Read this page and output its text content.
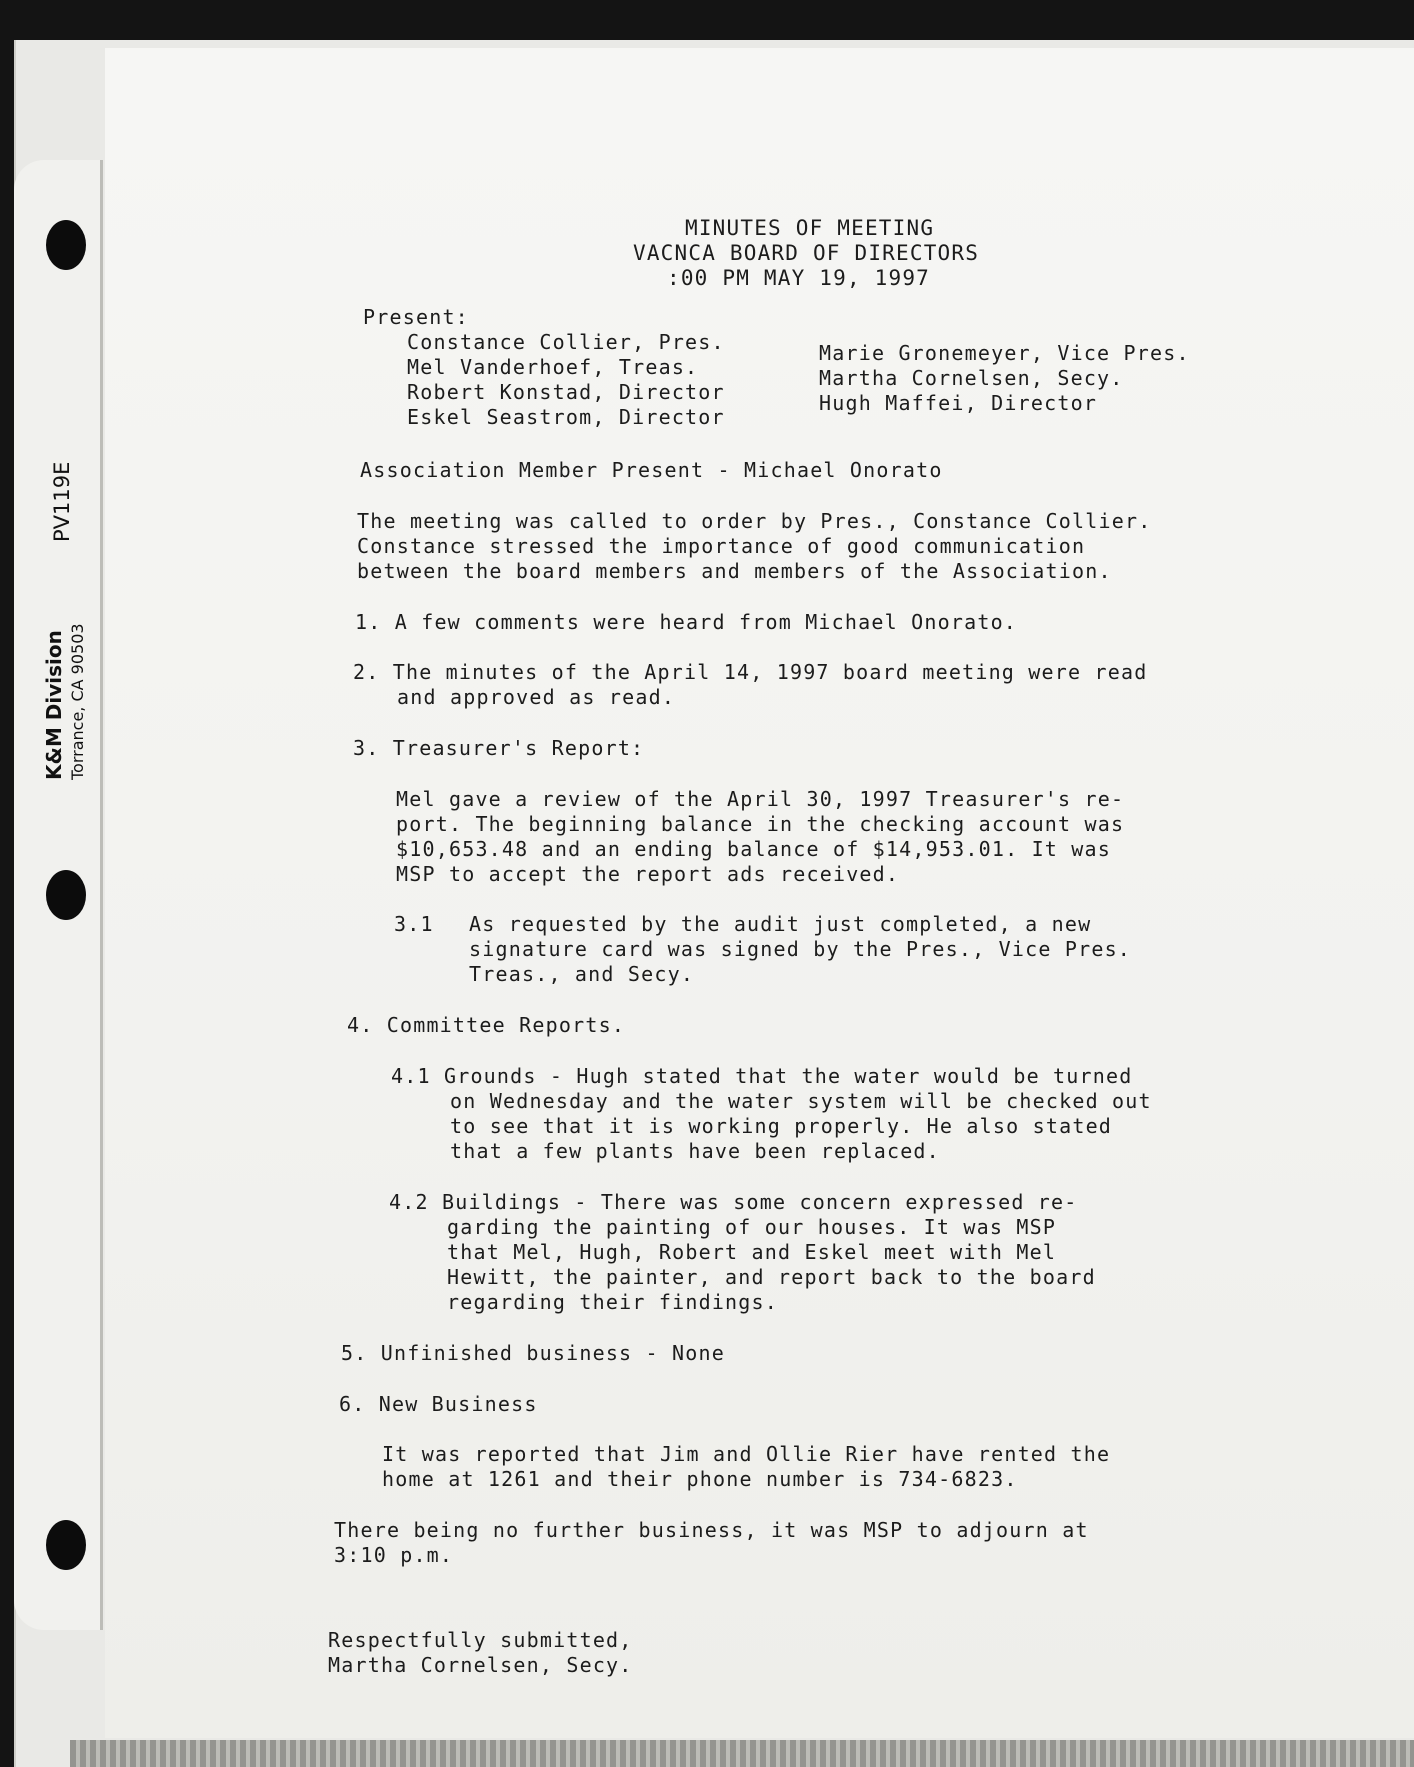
K&M Division Torrance, CA 90503
PV119E
MINUTES OF MEETING
VACNCA BOARD OF DIRECTORS
:00 PM MAY 19, 1997
Present:
Constance Collier, Pres.
Mel Vanderhoef, Treas.
Robert Konstad, Director
Eskel Seastrom, Director
Marie Gronemeyer, Vice Pres.
Martha Cornelsen, Secy.
Hugh Maffei, Director
Association Member Present - Michael Onorato
The meeting was called to order by Pres., Constance Collier.
Constance stressed the importance of good communication
between the board members and members of the Association.
1. A few comments were heard from Michael Onorato.
2. The minutes of the April 14, 1997 board meeting were read
and approved as read.
3. Treasurer's Report:
Mel gave a review of the April 30, 1997 Treasurer's re-
port. The beginning balance in the checking account was
$10,653.48 and an ending balance of $14,953.01. It was
MSP to accept the report ads received.
3.1 As requested by the audit just completed, a new
signature card was signed by the Pres., Vice Pres.
Treas., and Secy.
4. Committee Reports.
4.1 Grounds - Hugh stated that the water would be turned
on Wednesday and the water system will be checked out
to see that it is working properly. He also stated
that a few plants have been replaced.
4.2 Buildings - There was some concern expressed re-
garding the painting of our houses. It was MSP
that Mel, Hugh, Robert and Eskel meet with Mel
Hewitt, the painter, and report back to the board
regarding their findings.
5. Unfinished business - None
6. New Business
It was reported that Jim and Ollie Rier have rented the
home at 1261 and their phone number is 734-6823.
There being no further business, it was MSP to adjourn at
3:10 p.m.
Respectfully submitted,
Martha Cornelsen, Secy.
